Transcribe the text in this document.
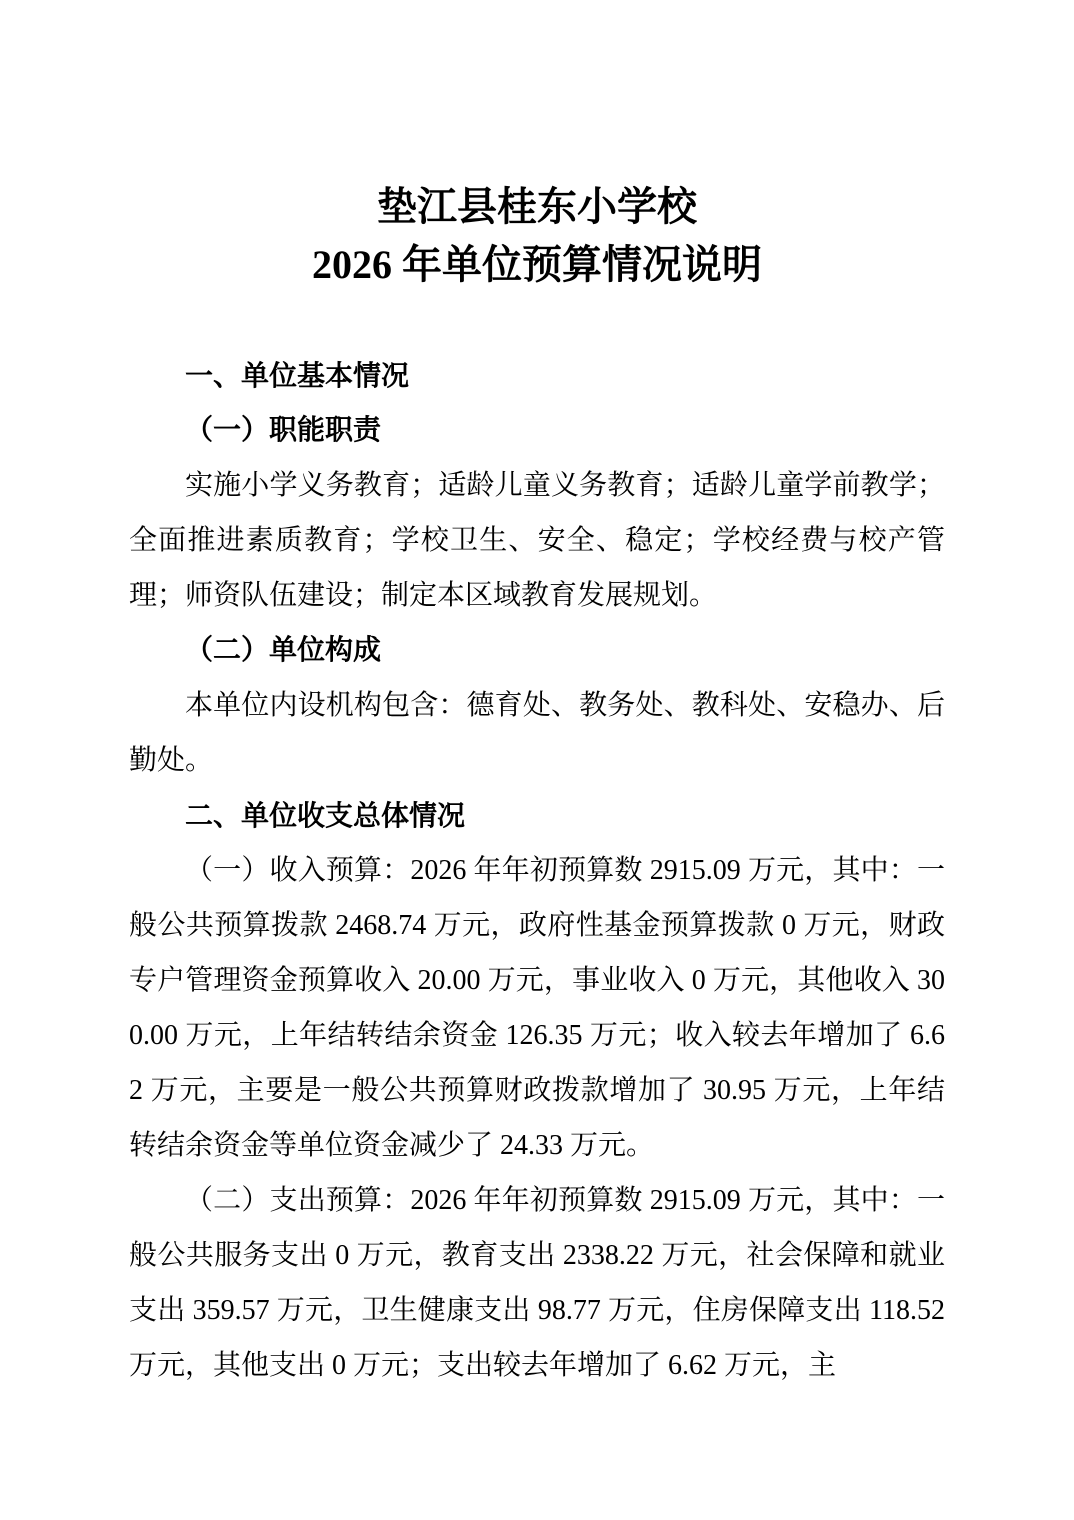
垫江县桂东小学校
2026 年单位预算情况说明

一、单位基本情况

（一）职能职责

实施小学义务教育；适龄儿童义务教育；适龄儿童学前教学；全面推进素质教育；学校卫生、安全、稳定；学校经费与校产管理；师资队伍建设；制定本区域教育发展规划。

（二）单位构成

本单位内设机构包含：德育处、教务处、教科处、安稳办、后勤处。

二、单位收支总体情况

（一）收入预算：2026 年年初预算数 2915.09 万元，其中：一般公共预算拨款 2468.74 万元，政府性基金预算拨款 0 万元，财政专户管理资金预算收入 20.00 万元，事业收入 0 万元，其他收入 300.00 万元，上年结转结余资金 126.35 万元；收入较去年增加了 6.62 万元，主要是一般公共预算财政拨款增加了 30.95 万元，上年结转结余资金等单位资金减少了 24.33 万元。

（二）支出预算：2026 年年初预算数 2915.09 万元，其中：一般公共服务支出 0 万元，教育支出 2338.22 万元，社会保障和就业支出 359.57 万元，卫生健康支出 98.77 万元，住房保障支出 118.52 万元，其他支出 0 万元；支出较去年增加了 6.62 万元，主
